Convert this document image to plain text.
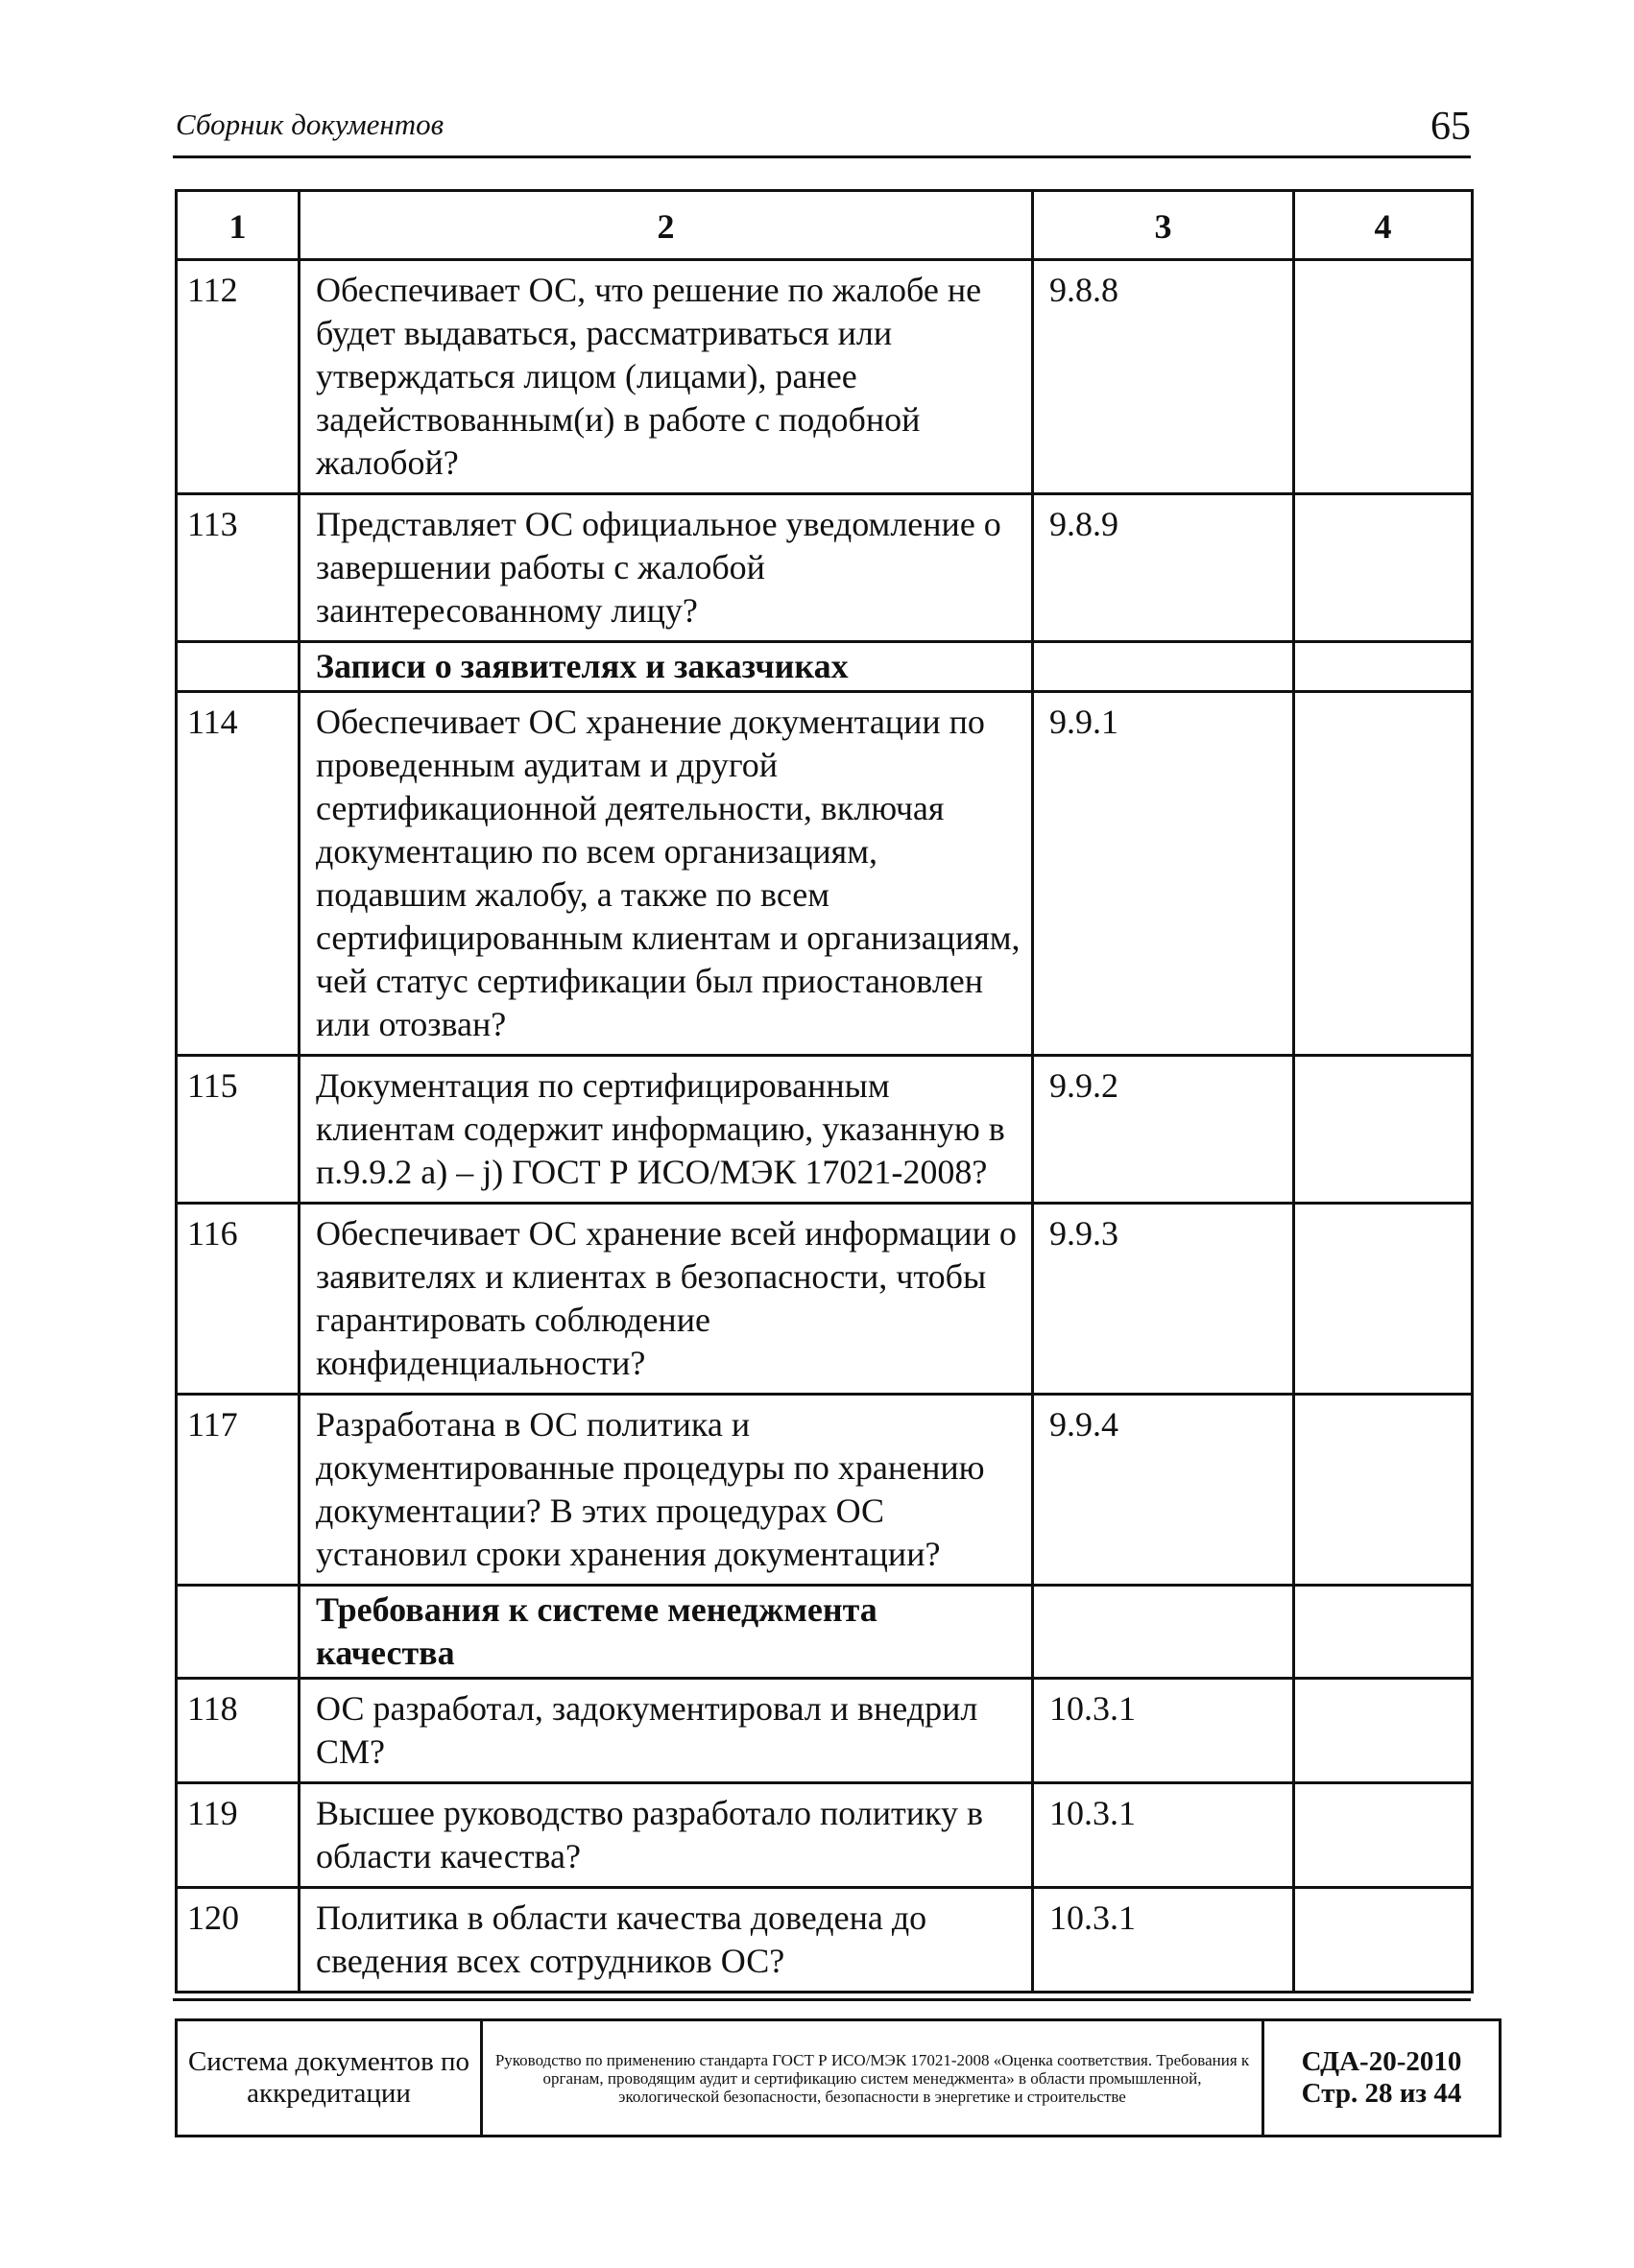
Сборник документов	65
1	2	3	4
112	Обеспечивает ОС, что решение по жалобе не будет выдаваться, рассматриваться или утверждаться лицом (лицами), ранее задействованным(и) в работе с подобной жалобой?	9.8.8	
113	Представляет ОС официальное уведомление о завершении работы с жалобой заинтересованному лицу?	9.8.9	
	Записи о заявителях и заказчиках		
114	Обеспечивает ОС хранение документации по проведенным аудитам и другой сертификационной деятельности, включая документацию по всем организациям, подавшим жалобу, а также по всем сертифицированным клиентам и организациям, чей статус сертификации был приостановлен или отозван?	9.9.1	
115	Документация по сертифицированным клиентам содержит информацию, указанную в п.9.9.2 а) – j) ГОСТ Р ИСО/МЭК 17021-2008?	9.9.2	
116	Обеспечивает ОС хранение всей информации о заявителях и клиентах в безопасности, чтобы гарантировать соблюдение конфиденциальности?	9.9.3	
117	Разработана в ОС политика и документированные процедуры по хранению документации? В этих процедурах ОС установил сроки хранения документации?	9.9.4	
	Требования к системе менеджмента качества		
118	ОС разработал, задокументировал и внедрил СМ?	10.3.1	
119	Высшее руководство разработало политику в области качества?	10.3.1	
120	Политика в области качества доведена до сведения всех сотрудников ОС?	10.3.1	
Система документов по аккредитации	Руководство по применению стандарта ГОСТ Р ИСО/МЭК 17021-2008 «Оценка соответствия. Требования к органам, проводящим аудит и сертификацию систем менеджмента» в области промышленной, экологической безопасности, безопасности в энергетике и строительстве	
СДА-20-2010
Стр. 28 из 44
